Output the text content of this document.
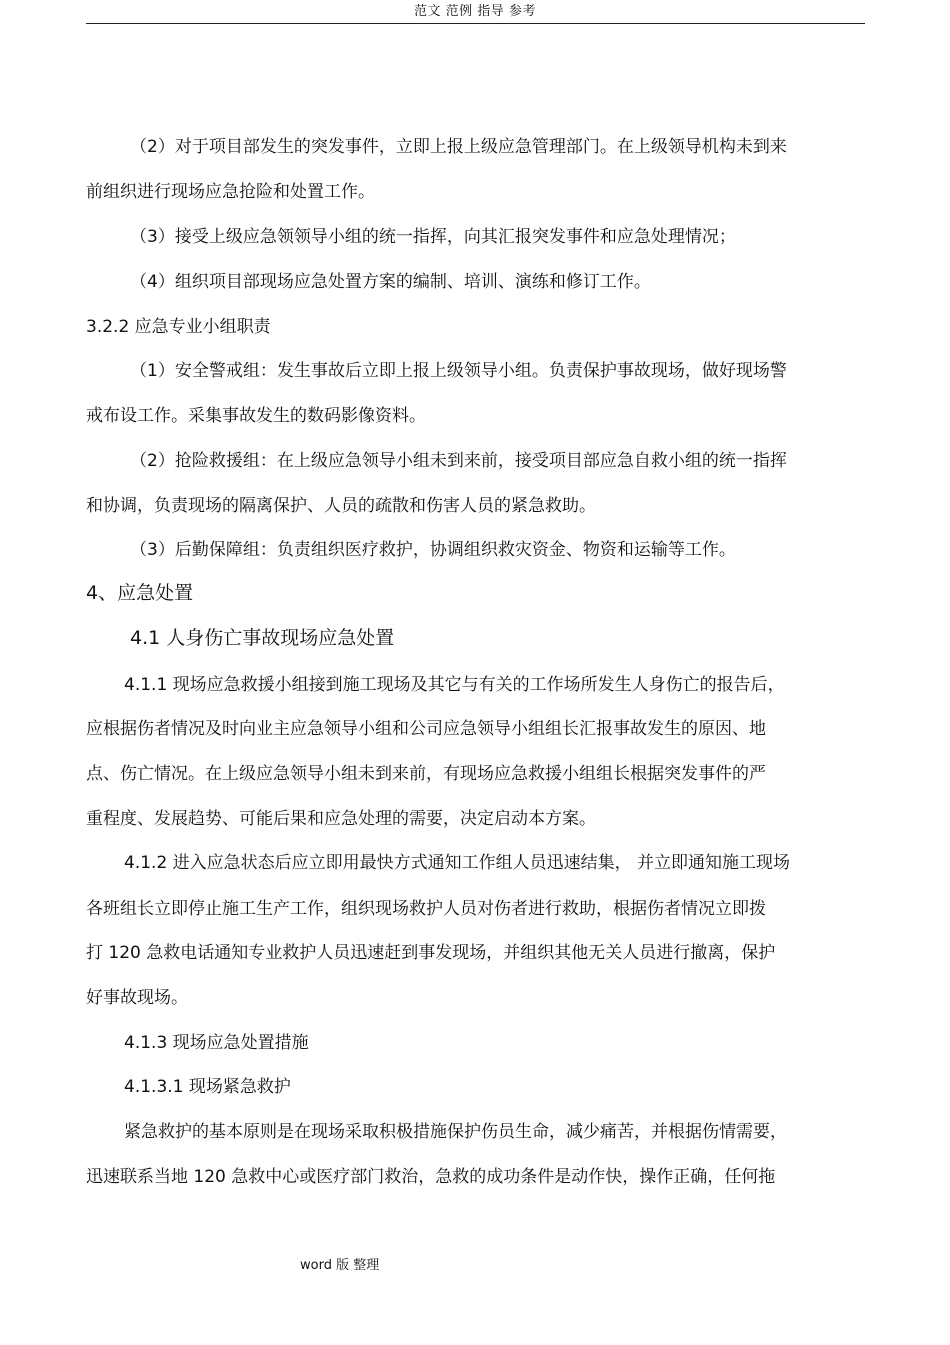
范文 范例 指导 参考
（2）对于项目部发生的突发事件，立即上报上级应急管理部门。在上级领导机构未到来
前组织进行现场应急抢险和处置工作。
（3）接受上级应急领领导小组的统一指挥，向其汇报突发事件和应急处理情况；
（4）组织项目部现场应急处置方案的编制、培训、演练和修订工作。
3.2.2 应急专业小组职责
（1）安全警戒组：发生事故后立即上报上级领导小组。负责保护事故现场，做好现场警
戒布设工作。采集事故发生的数码影像资料。
（2）抢险救援组：在上级应急领导小组未到来前，接受项目部应急自救小组的统一指挥
和协调，负责现场的隔离保护、人员的疏散和伤害人员的紧急救助。
（3）后勤保障组：负责组织医疗救护，协调组织救灾资金、物资和运输等工作。
4、应急处置
4.1 人身伤亡事故现场应急处置
4.1.1 现场应急救援小组接到施工现场及其它与有关的工作场所发生人身伤亡的报告后，
应根据伤者情况及时向业主应急领导小组和公司应急领导小组组长汇报事故发生的原因、地
点、伤亡情况。在上级应急领导小组未到来前，有现场应急救援小组组长根据突发事件的严
重程度、发展趋势、可能后果和应急处理的需要，决定启动本方案。
4.1.2 进入应急状态后应立即用最快方式通知工作组人员迅速结集， 并立即通知施工现场
各班组长立即停止施工生产工作，组织现场救护人员对伤者进行救助，根据伤者情况立即拨
打 120 急救电话通知专业救护人员迅速赶到事发现场，并组织其他无关人员进行撤离，保护
好事故现场。
4.1.3 现场应急处置措施
4.1.3.1 现场紧急救护
紧急救护的基本原则是在现场采取积极措施保护伤员生命，减少痛苦，并根据伤情需要，
迅速联系当地 120 急救中心或医疗部门救治，急救的成功条件是动作快，操作正确，任何拖
word 版 整理
